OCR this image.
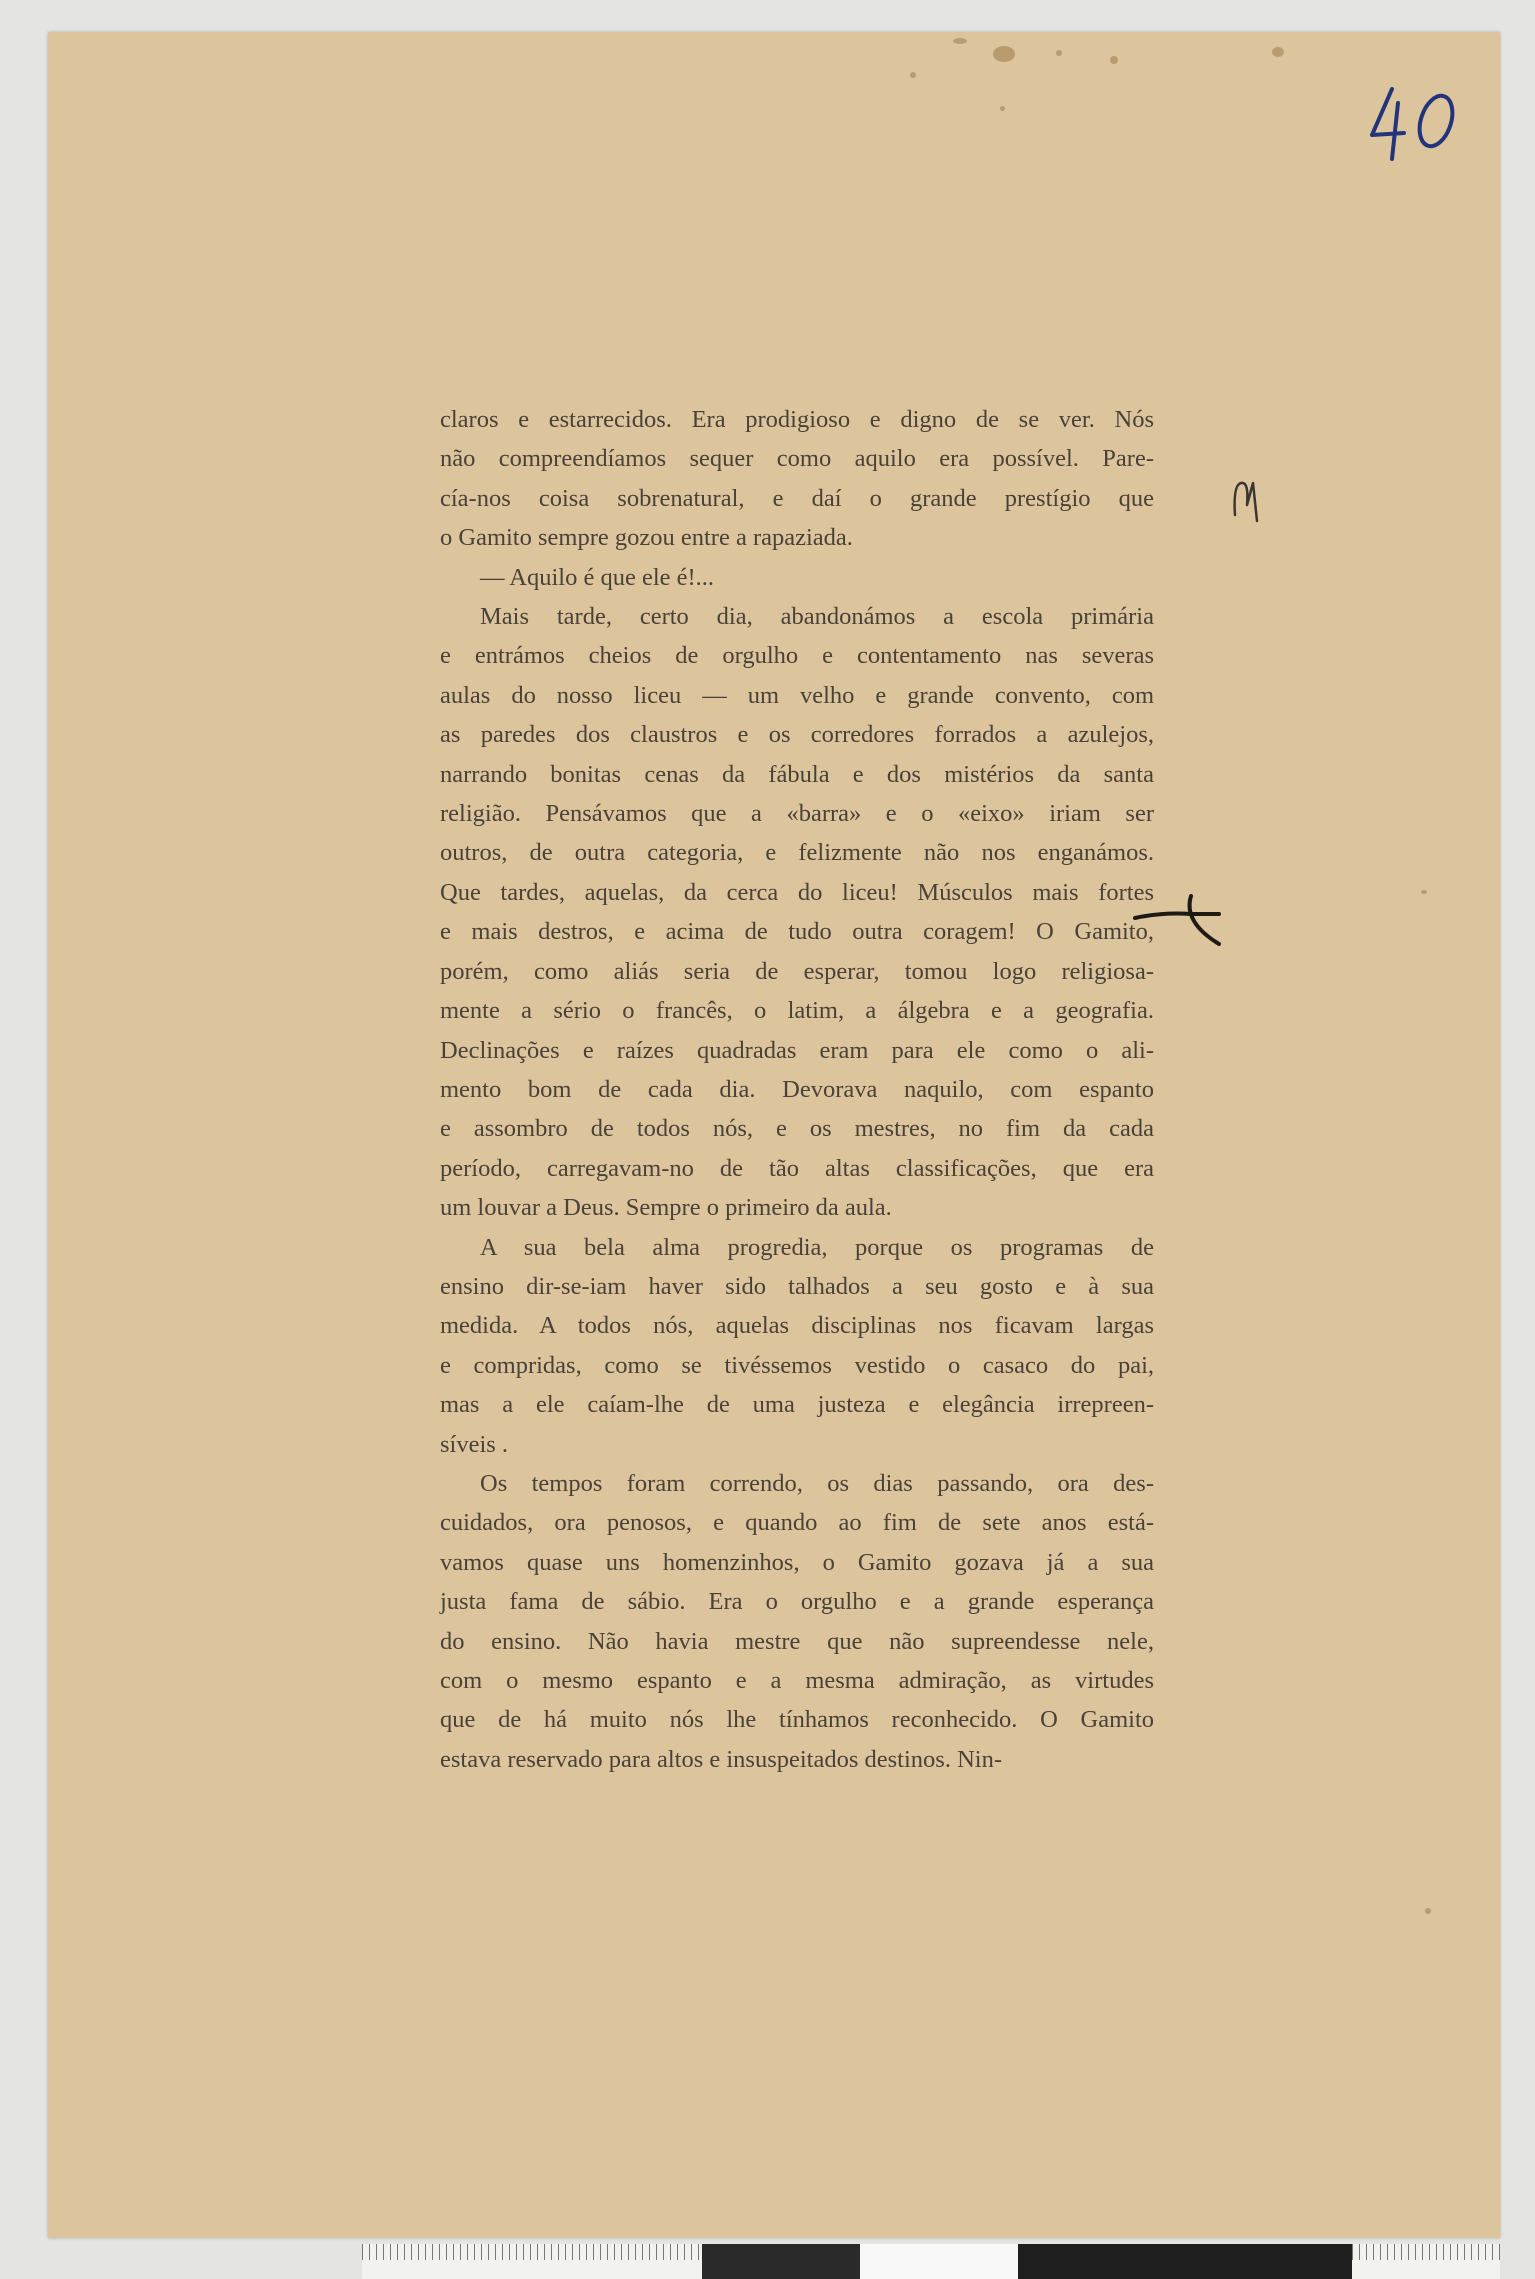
claros e estarrecidos. Era prodigioso e digno de se ver. Nós

não compreendíamos sequer como aquilo era possível. Pare-

cía-nos coisa sobrenatural, e daí o grande prestígio que

o Gamito sempre gozou entre a rapaziada.

— Aquilo é que ele é!...

Mais tarde, certo dia, abandonámos a escola primária

e entrámos cheios de orgulho e contentamento nas severas

aulas do nosso liceu — um velho e grande convento, com

as paredes dos claustros e os corredores forrados a azulejos,

narrando bonitas cenas da fábula e dos mistérios da santa

religião. Pensávamos que a «barra» e o «eixo» iriam ser

outros, de outra categoria, e felizmente não nos enganámos.

Que tardes, aquelas, da cerca do liceu! Músculos mais fortes

e mais destros, e acima de tudo outra coragem! O Gamito,

porém, como aliás seria de esperar, tomou logo religiosa-

mente a sério o francês, o latim, a álgebra e a geografia.

Declinações e raízes quadradas eram para ele como o ali-

mento bom de cada dia. Devorava naquilo, com espanto

e assombro de todos nós, e os mestres, no fim da cada

período, carregavam-no de tão altas classificações, que era

um louvar a Deus. Sempre o primeiro da aula.

A sua bela alma progredia, porque os programas de

ensino dir-se-iam haver sido talhados a seu gosto e à sua

medida. A todos nós, aquelas disciplinas nos ficavam largas

e compridas, como se tivéssemos vestido o casaco do pai,

mas a ele caíam-lhe de uma justeza e elegância irrepreen-

síveis .

Os tempos foram correndo, os dias passando, ora des-

cuidados, ora penosos, e quando ao fim de sete anos está-

vamos quase uns homenzinhos, o Gamito gozava já a sua

justa fama de sábio. Era o orgulho e a grande esperança

do ensino. Não havia mestre que não supreendesse nele,

com o mesmo espanto e a mesma admiração, as virtudes

que de há muito nós lhe tínhamos reconhecido. O Gamito

estava reservado para altos e insuspeitados destinos. Nin-
